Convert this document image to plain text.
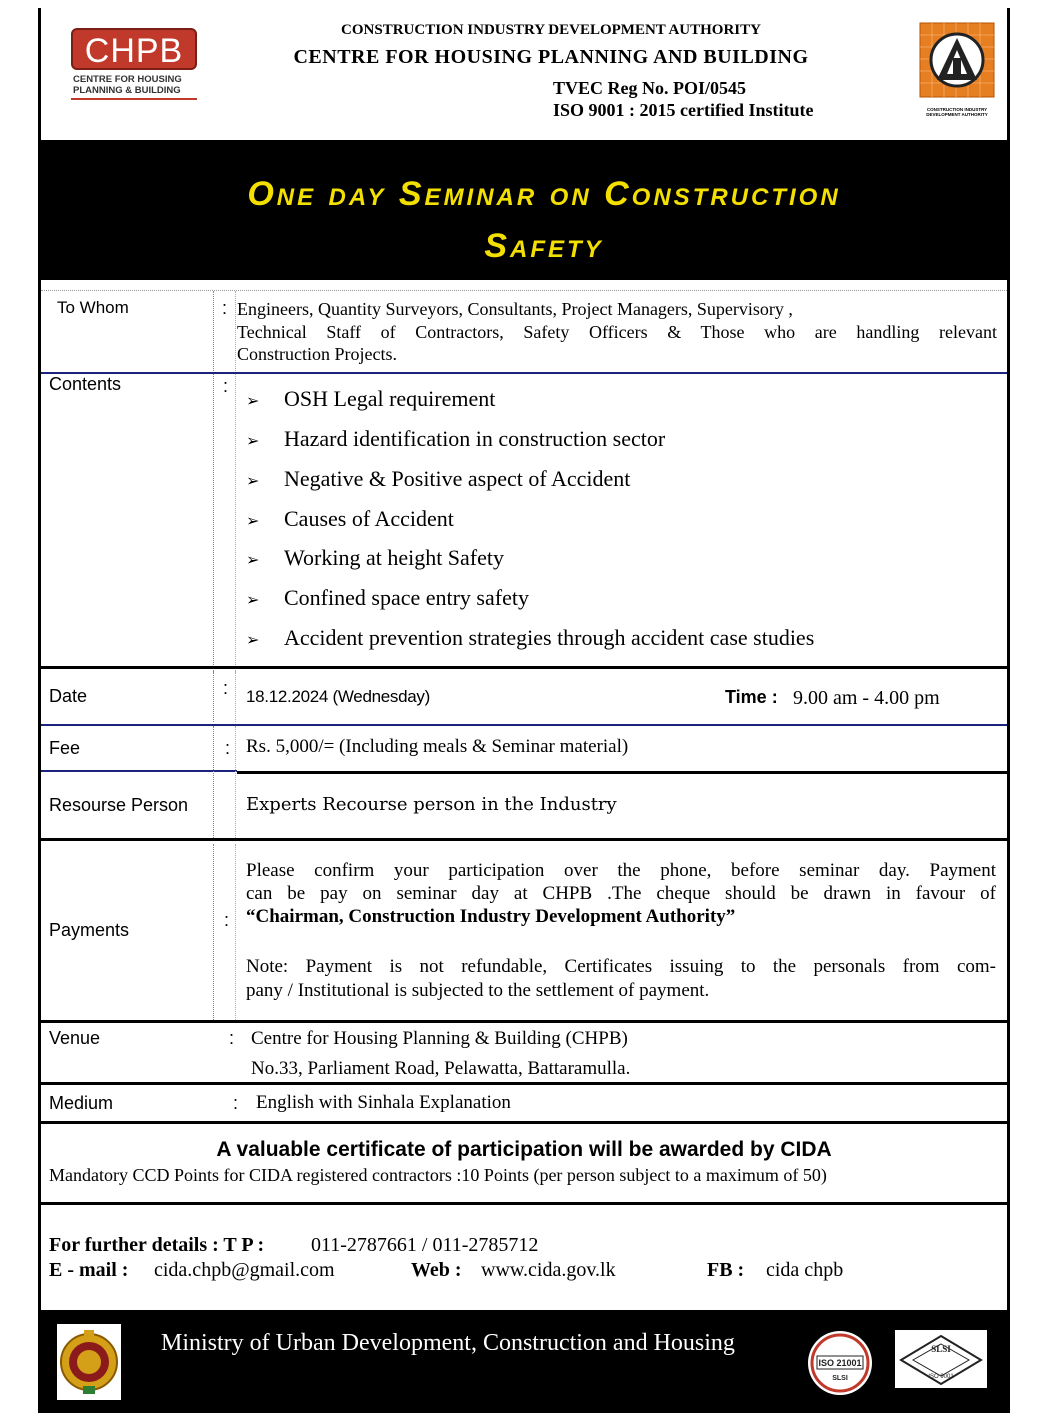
CHPB
CENTRE FOR HOUSING PLANNING & BUILDING
CONSTRUCTION INDUSTRY DEVELOPMENT AUTHORITY
CENTRE FOR HOUSING PLANNING AND BUILDING
TVEC Reg No. POI/0545
ISO 9001 : 2015 certified Institute	CONSTRUCTION INDUSTRY DEVELOPMENT AUTHORITY
One day Seminar on Construction
Safety
To Whom	: Engineers, Quantity Surveyors, Consultants, Project Managers, Supervisory ,
Technical Staff of Contractors, Safety Officers & Those who are handling relevant
Construction Projects.
Contents	:
➢ OSH Legal requirement
➢ Hazard identification in construction sector
➢ Negative & Positive aspect of Accident
➢ Causes of Accident
➢ Working at height Safety
➢ Confined space entry safety
➢ Accident prevention strategies through accident case studies
Date	: 18.12.2024 (Wednesday)	Time : 9.00 am - 4.00 pm
Fee	: Rs. 5,000/= (Including meals & Seminar material)
Resourse Person	Experts Recourse person in the Industry
Payments	:
Please confirm your participation over the phone, before seminar day. Payment
can be pay on seminar day at CHPB .The cheque should be drawn in favour of
“Chairman, Construction Industry Development Authority”
Note: Payment is not refundable, Certificates issuing to the personals from com-
pany / Institutional is subjected to the settlement of payment.
Venue	: Centre for Housing Planning & Building (CHPB)
No.33, Parliament Road, Pelawatta, Battaramulla.
Medium	: English with Sinhala Explanation
A valuable certificate of participation will be awarded by CIDA
Mandatory CCD Points for CIDA registered contractors :10 Points (per person subject to a maximum of 50)
For further details : T P : 011-2787661 / 011-2785712
E - mail : cida.chpb@gmail.com	Web : www.cida.gov.lk	FB : cida chpb
Ministry of Urban Development, Construction and Housing
ISO 21001
SLSI
SLSI
ISO 9001
